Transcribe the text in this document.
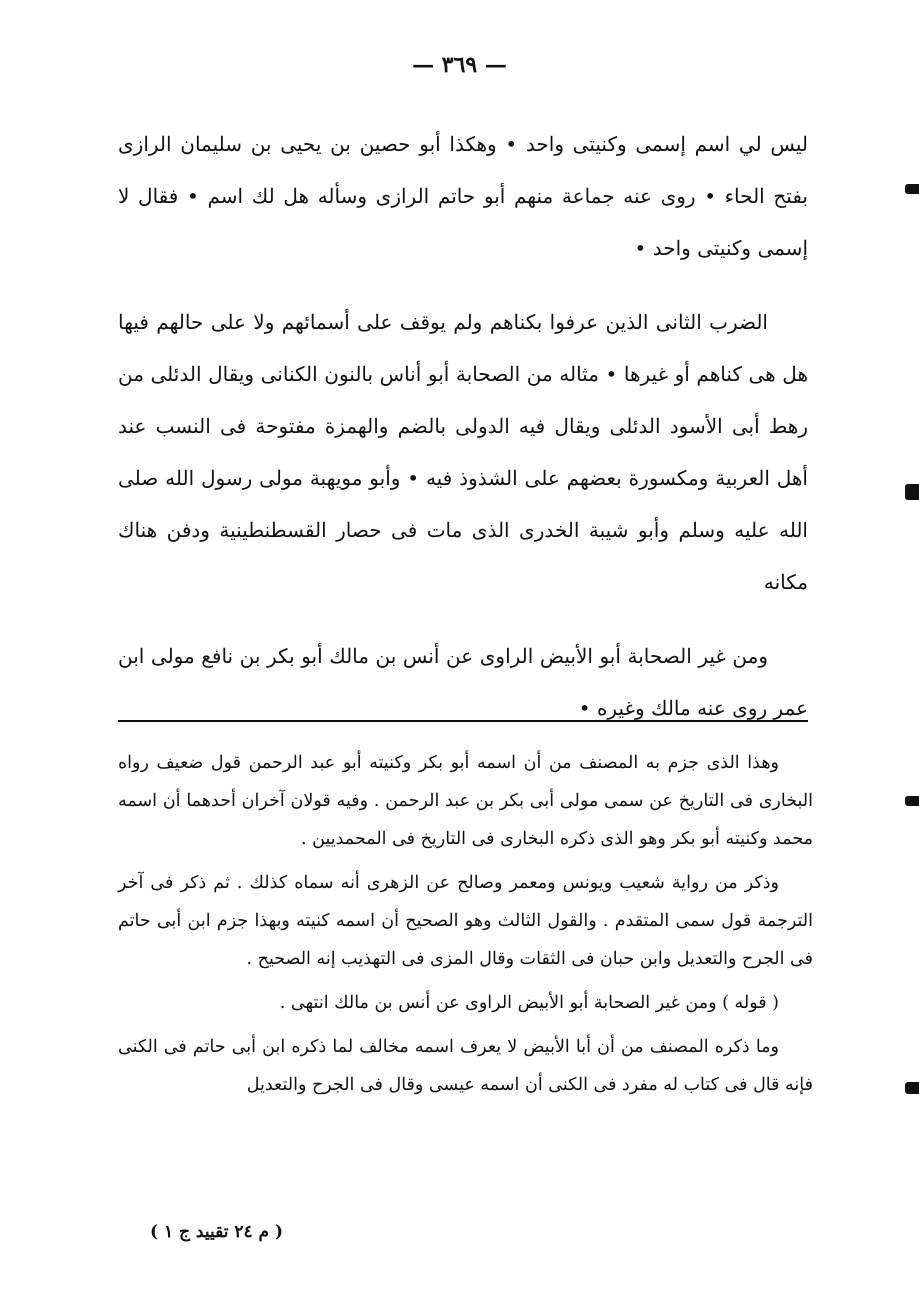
— ٣٦٩ —

ليس لي اسم إسمى وكنيتى واحد • وهكذا أبو حصين بن يحيى بن سليمان الرازى بفتح الحاء • روى عنه جماعة منهم أبو حاتم الرازى وسأله هل لك اسم • فقال لا إسمى وكنيتى واحد •

الضرب الثانى الذين عرفوا بكناهم ولم يوقف على أسمائهم ولا على حالهم فيها هل هى كناهم أو غيرها • مثاله من الصحابة أبو أناس بالنون الكنانى ويقال الدئلى من رهط أبى الأسود الدئلى ويقال فيه الدولى بالضم والهمزة مفتوحة فى النسب عند أهل العربية ومكسورة بعضهم على الشذوذ فيه • وأبو مويهبة مولى رسول الله صلى الله عليه وسلم وأبو شيبة الخدرى الذى مات فى حصار القسطنطينية ودفن هناك مكانه

ومن غير الصحابة أبو الأبيض الراوى عن أنس بن مالك أبو بكر بن نافع مولى ابن عمر روى عنه مالك وغيره •

وهذا الذى جزم به المصنف من أن اسمه أبو بكر وكنيته أبو عبد الرحمن قول ضعيف رواه البخارى فى التاريخ عن سمى مولى أبى بكر بن عبد الرحمن . وفيه قولان آخران أحدهما أن اسمه محمد وكنيته أبو بكر وهو الذى ذكره البخارى فى التاريخ فى المحمديين .

وذكر من رواية شعيب ويونس ومعمر وصالح عن الزهرى أنه سماه كذلك . ثم ذكر فى آخر الترجمة قول سمى المتقدم . والقول الثالث وهو الصحيح أن اسمه كنيته وبهذا جزم ابن أبى حاتم فى الجرح والتعديل وابن حبان فى الثقات وقال المزى فى التهذيب إنه الصحيح .

( قوله ) ومن غير الصحابة أبو الأبيض الراوى عن أنس بن مالك انتهى .

وما ذكره المصنف من أن أبا الأبيض لا يعرف اسمه مخالف لما ذكره ابن أبى حاتم فى الكنى فإنه قال فى كتاب له مفرد فى الكنى أن اسمه عيسى وقال فى الجرح والتعديل

( م ٢٤ تقييد ج ١ )
